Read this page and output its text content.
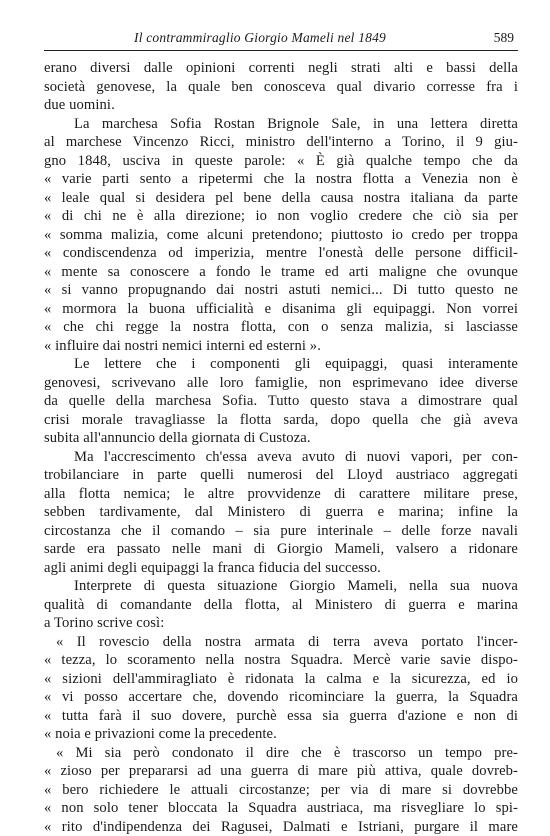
Il contrammiraglio Giorgio Mameli nel 1849	589
erano diversi dalle opinioni correnti negli strati alti e bassi della
società genovese, la quale ben conosceva qual divario corresse fra i
due uomini.
La marchesa Sofia Rostan Brignole Sale, in una lettera diretta
al marchese Vincenzo Ricci, ministro dell'interno a Torino, il 9 giu-
gno 1848, usciva in queste parole: « È già qualche tempo che da
« varie parti sento a ripetermi che la nostra flotta a Venezia non è
« leale qual si desidera pel bene della causa nostra italiana da parte
« di chi ne è alla direzione; io non voglio credere che ciò sia per
« somma malizia, come alcuni pretendono; piuttosto io credo per troppa
« condiscendenza od imperizia, mentre l'onestà delle persone difficil-
« mente sa conoscere a fondo le trame ed arti maligne che ovunque
« si vanno propugnando dai nostri astuti nemici... Di tutto questo ne
« mormora la buona ufficialità e disanima gli equipaggi. Non vorrei
« che chi regge la nostra flotta, con o senza malizia, si lasciasse
« influire dai nostri nemici interni ed esterni ».
Le lettere che i componenti gli equipaggi, quasi interamente
genovesi, scrivevano alle loro famiglie, non esprimevano idee diverse
da quelle della marchesa Sofia. Tutto questo stava a dimostrare qual
crisi morale travagliasse la flotta sarda, dopo quella che già aveva
subita all'annuncio della giornata di Custoza.
Ma l'accrescimento ch'essa aveva avuto di nuovi vapori, per con-
trobilanciare in parte quelli numerosi del Lloyd austriaco aggregati
alla flotta nemica; le altre provvidenze di carattere militare prese,
sebben tardivamente, dal Ministero di guerra e marina; infine la
circostanza che il comando – sia pure interinale – delle forze navali
sarde era passato nelle mani di Giorgio Mameli, valsero a ridonare
agli animi degli equipaggi la franca fiducia del successo.
Interprete di questa situazione Giorgio Mameli, nella sua nuova
qualità di comandante della flotta, al Ministero di guerra e marina
a Torino scrive così:
« Il rovescio della nostra armata di terra aveva portato l'incer-
« tezza, lo scoramento nella nostra Squadra. Mercè varie savie dispo-
« sizioni dell'ammiragliato è ridonata la calma e la sicurezza, ed io
« vi posso accertare che, dovendo ricominciare la guerra, la Squadra
« tutta farà il suo dovere, purchè essa sia guerra d'azione e non di
« noia e privazioni come la precedente.
« Mi sia però condonato il dire che è trascorso un tempo pre-
« zioso per prepararsi ad una guerra di mare più attiva, quale dovreb-
« bero richiedere le attuali circostanze; per via di mare si dovrebbe
« non solo tener bloccata la Squadra austriaca, ma risvegliare lo spi-
« rito d'indipendenza dei Ragusei, Dalmati e Istriani, purgare il mare
